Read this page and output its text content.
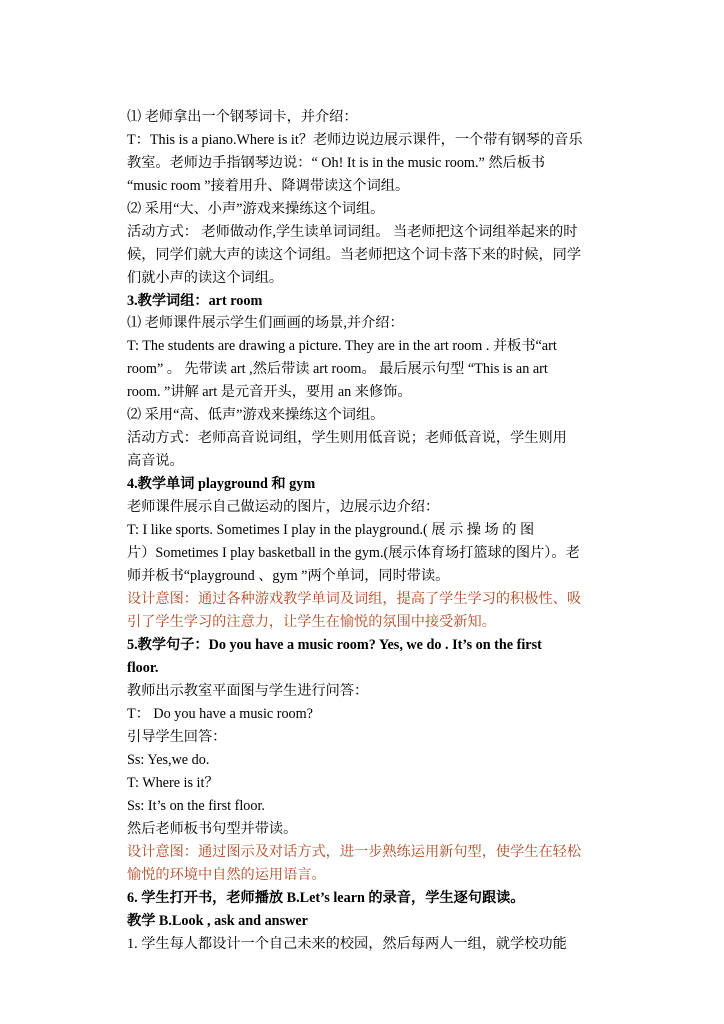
⑴ 老师拿出一个钢琴词卡，并介绍：
T：This is a piano.Where is it？老师边说边展示课件，一个带有钢琴的音乐
教室。老师边手指钢琴边说：“ Oh! It is in the music room.” 然后板书
“music room ”接着用升、降调带读这个词组。
⑵ 采用“大、小声”游戏来操练这个词组。
活动方式： 老师做动作,学生读单词词组。 当老师把这个词组举起来的时
候，同学们就大声的读这个词组。当老师把这个词卡落下来的时候，同学
们就小声的读这个词组。
3.教学词组：art room
⑴ 老师课件展示学生们画画的场景,并介绍：
T: The students are drawing a picture. They are in the art room . 并板书“art
room” 。 先带读 art ,然后带读 art room。 最后展示句型 “This is an art
room. ”讲解 art 是元音开头，要用 an 来修饰。
⑵ 采用“高、低声”游戏来操练这个词组。
活动方式：老师高音说词组，学生则用低音说；老师低音说，学生则用
高音说。
4.教学单词 playground 和 gym
老师课件展示自己做运动的图片，边展示边介绍：
T: I like sports. Sometimes I play in the playground.( 展 示 操 场 的 图
片）Sometimes I play basketball in the gym.(展示体育场打篮球的图片）。老
师并板书“playground 、gym ”两个单词，同时带读。
设计意图：通过各种游戏教学单词及词组，提高了学生学习的积极性、吸
引了学生学习的注意力，让学生在愉悦的氛围中接受新知。
5.教学句子：Do you have a music room? Yes, we do . It’s on the first
floor.
教师出示教室平面图与学生进行问答：
T： Do you have a music room?
引导学生回答：
Ss: Yes,we do.
T: Where is it？
Ss: It’s on the first floor.
然后老师板书句型并带读。
设计意图：通过图示及对话方式，进一步熟练运用新句型，使学生在轻松
愉悦的环境中自然的运用语言。
6. 学生打开书，老师播放 B.Let’s learn 的录音，学生逐句跟读。
教学 B.Look , ask and answer
1. 学生每人都设计一个自己未来的校园，然后每两人一组，就学校功能
